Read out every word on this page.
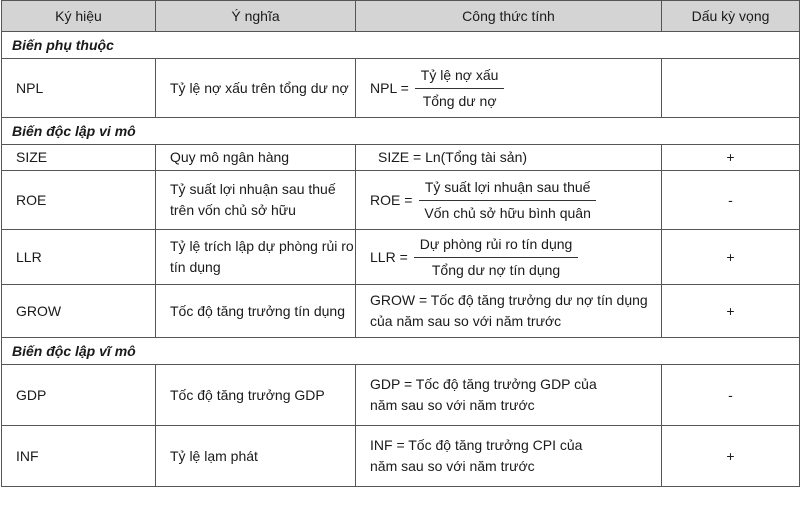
Ký hiệu	Ý nghĩa	Công thức tính	Dấu kỳ vọng
Biến phụ thuộc			
NPL	Tỷ lệ nợ xấu trên tổng dư nợ	NPL = $\frac{\text{Tỷ lệ nợ xấu}}{\text{Tổng dư nợ}}$

Biến độc lập vi mô			
SIZE	Quy mô ngân hàng	SIZE = Ln(Tổng tài sản)	+
ROE	Tỷ suất lợi nhuận sau thuế trên vốn chủ sở hữu	ROE = $\frac{\text{Tỷ suất lợi nhuận sau thuế}}{\text{Vốn chủ sở hữu bình quân}}$	-
LLR	Tỷ lệ trích lập dự phòng rủi ro tín dụng	LLR = $\frac{\text{Dự phòng rủi ro tín dụng}}{\text{Tổng dư nợ tín dụng}}$	+
GROW	Tốc độ tăng trưởng tín dụng	GROW = Tốc độ tăng trưởng dư nợ tín dụng của năm sau so với năm trước	+
Biến độc lập vĩ mô			
GDP	Tốc độ tăng trưởng GDP	GDP = Tốc độ tăng trưởng GDP của năm sau so với năm trước	-
INF	Tỷ lệ lạm phát	INF = Tốc độ tăng trưởng CPI của năm sau so với năm trước	+
